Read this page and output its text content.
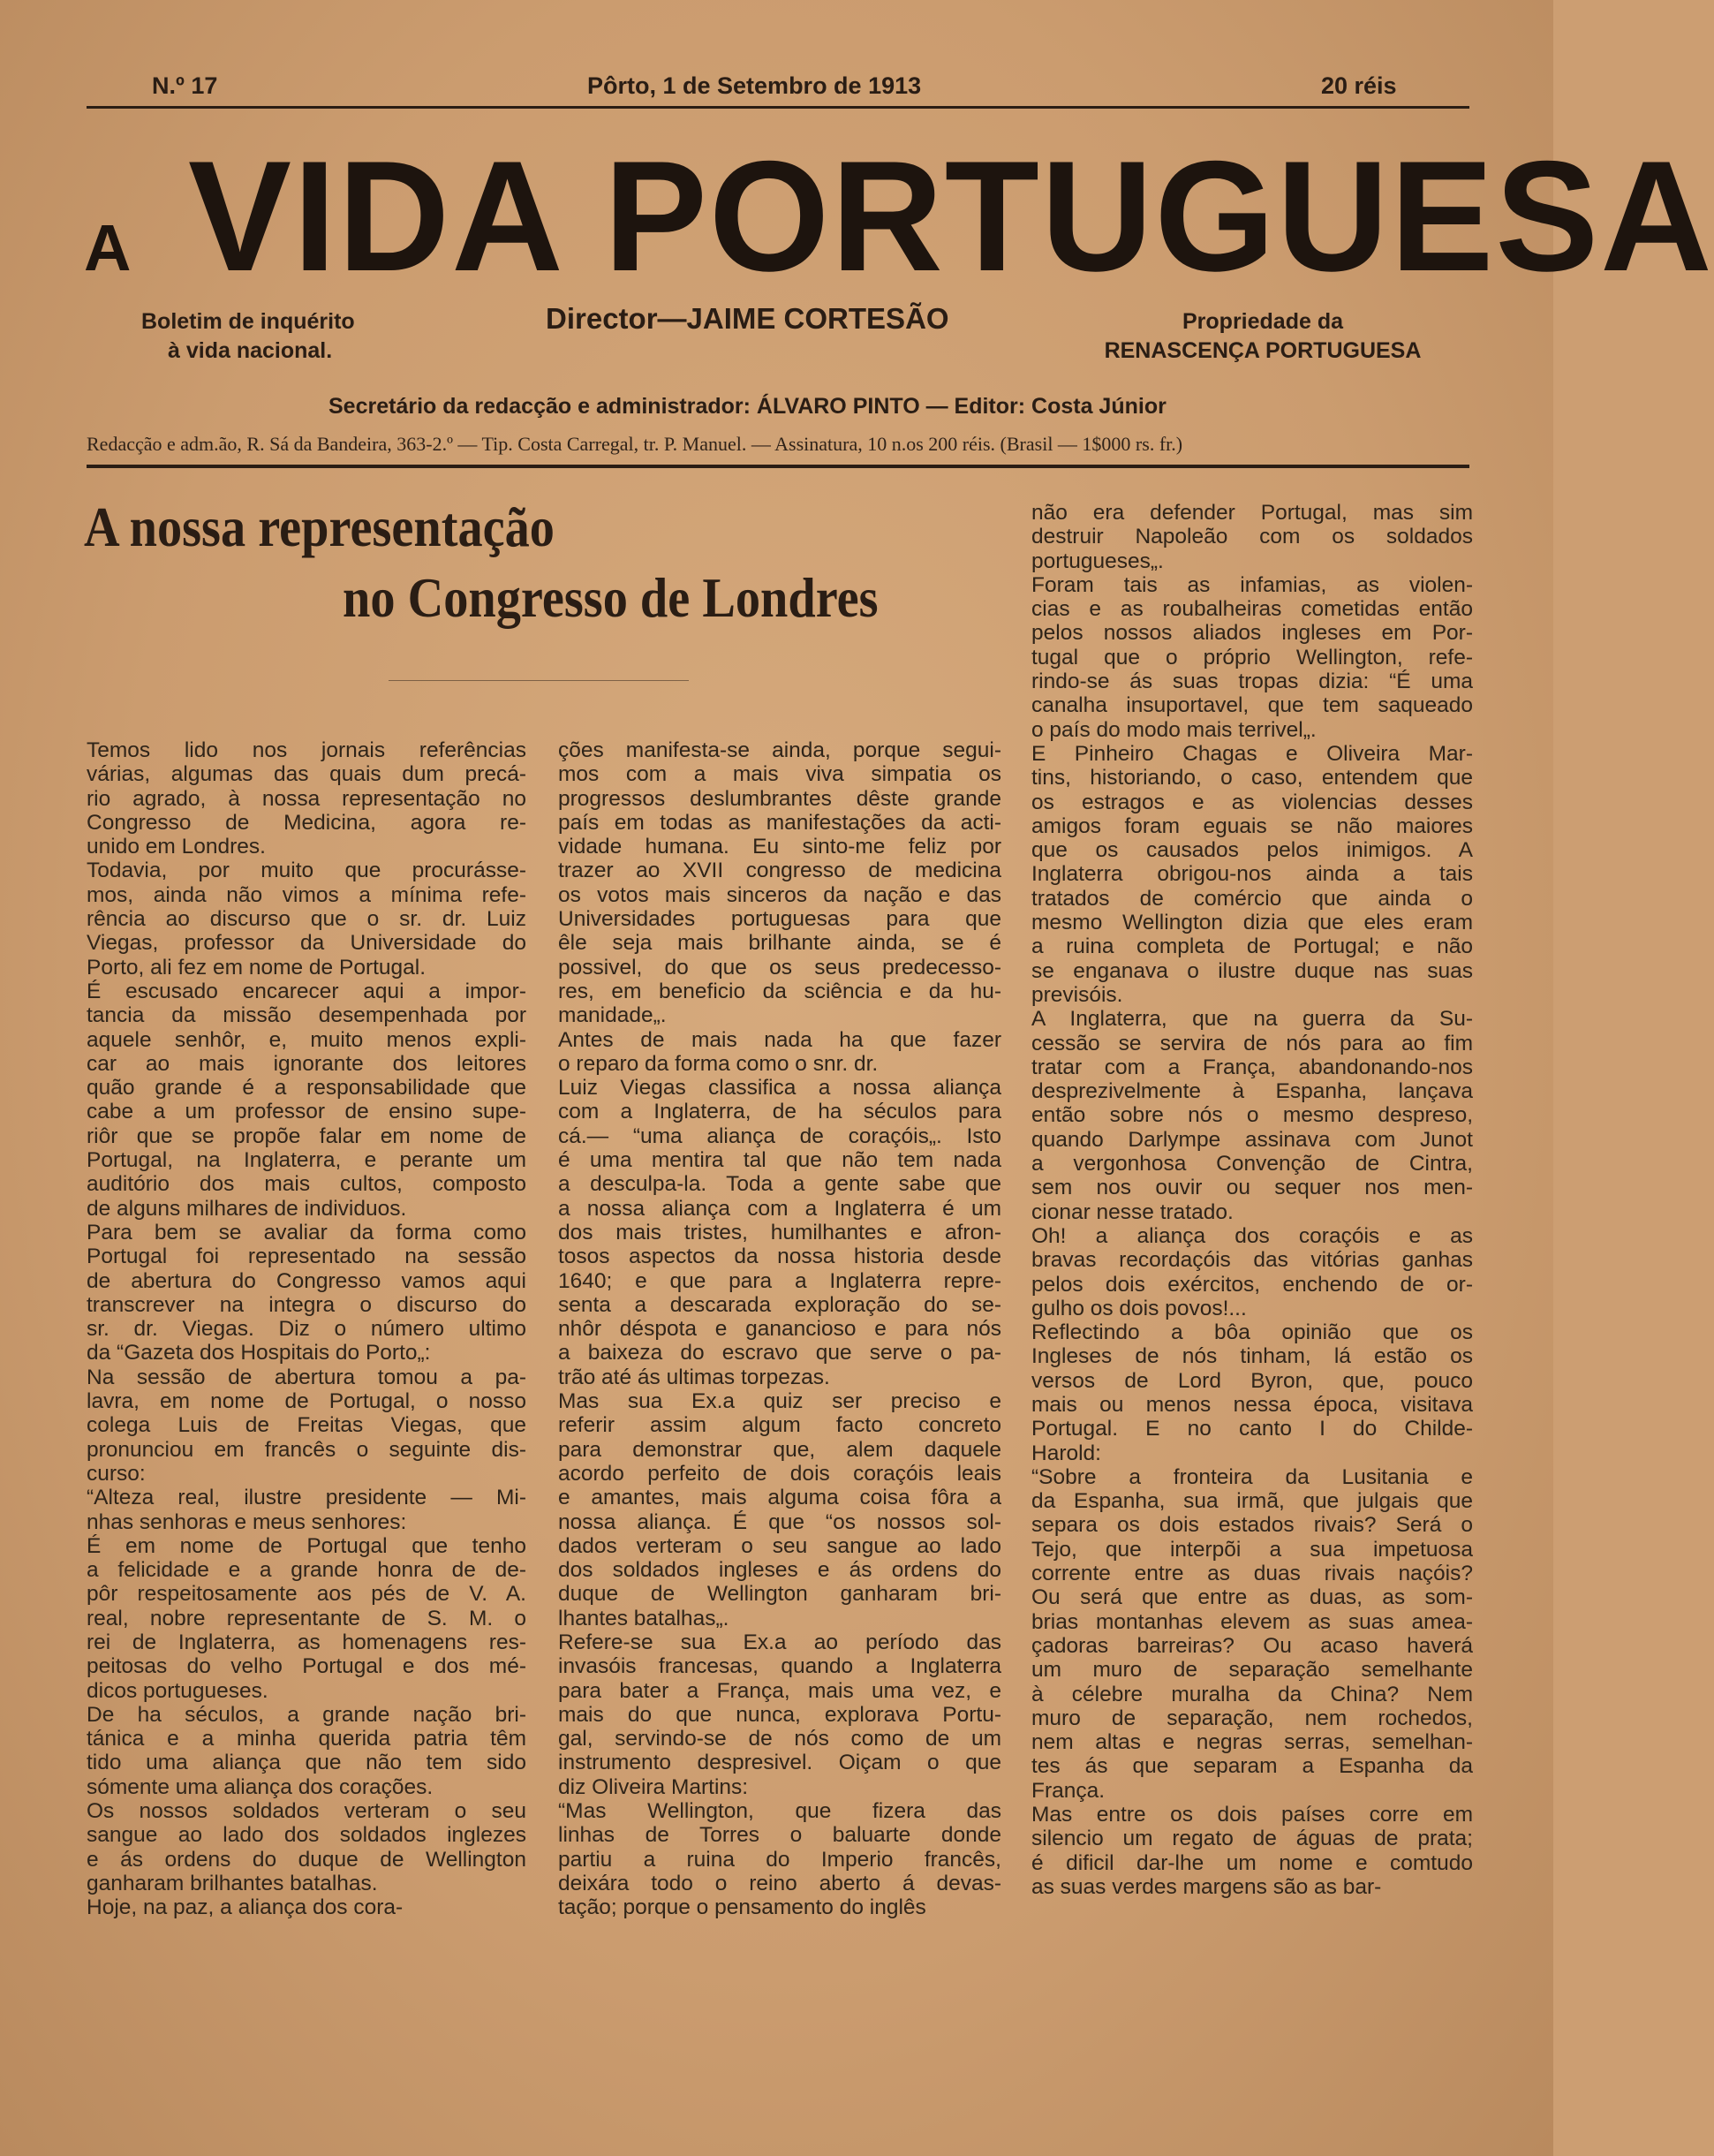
N.º 17	Pôrto, 1 de Setembro de 1913	20 réis
A VIDA PORTUGUESA
Boletim de inquérito
à vida nacional.
Director—JAIME CORTESÃO	Propriedade da
RENASCENÇA PORTUGUESA
Secretário da redacção e administrador: ÁLVARO PINTO — Editor: Costa Júnior
Redacção e adm.ão, R. Sá da Bandeira, 363-2.º — Tip. Costa Carregal, tr. P. Manuel. — Assinatura, 10 n.os 200 réis. (Brasil — 1$000 rs. fr.)
A nossa representação
no Congresso de Londres

Temos lido nos jornais referências

várias, algumas das quais dum precá-

rio agrado, à nossa representação no

Congresso de Medicina, agora re-

unido em Londres.

Todavia, por muito que procurásse-

mos, ainda não vimos a mínima refe-

rência ao discurso que o sr. dr. Luiz

Viegas, professor da Universidade do

Porto, ali fez em nome de Portugal.

É escusado encarecer aqui a impor-

tancia da missão desempenhada por

aquele senhôr, e, muito menos expli-

car ao mais ignorante dos leitores

quão grande é a responsabilidade que

cabe a um professor de ensino supe-

riôr que se propõe falar em nome de

Portugal, na Inglaterra, e perante um

auditório dos mais cultos, composto

de alguns milhares de individuos.

Para bem se avaliar da forma como

Portugal foi representado na sessão

de abertura do Congresso vamos aqui

transcrever na integra o discurso do

sr. dr. Viegas. Diz o número ultimo

da “Gazeta dos Hospitais do Porto„:

Na sessão de abertura tomou a pa-

lavra, em nome de Portugal, o nosso

colega Luis de Freitas Viegas, que

pronunciou em francês o seguinte dis-

curso:

“Alteza real, ilustre presidente — Mi-

nhas senhoras e meus senhores:

É em nome de Portugal que tenho

a felicidade e a grande honra de de-

pôr respeitosamente aos pés de V. A.

real, nobre representante de S. M. o

rei de Inglaterra, as homenagens res-

peitosas do velho Portugal e dos mé-

dicos portugueses.

De ha séculos, a grande nação bri-

tánica e a minha querida patria têm

tido uma aliança que não tem sido

sómente uma aliança dos corações.

Os nossos soldados verteram o seu

sangue ao lado dos soldados inglezes

e ás ordens do duque de Wellington

ganharam brilhantes batalhas.

Hoje, na paz, a aliança dos cora-

ções manifesta-se ainda, porque segui-

mos com a mais viva simpatia os

progressos deslumbrantes dêste grande

país em todas as manifestações da acti-

vidade humana. Eu sinto-me feliz por

trazer ao XVII congresso de medicina

os votos mais sinceros da nação e das

Universidades portuguesas para que

êle seja mais brilhante ainda, se é

possivel, do que os seus predecesso-

res, em beneficio da sciência e da hu-

manidade„.

Antes de mais nada ha que fazer

o reparo da forma como o snr. dr.

Luiz Viegas classifica a nossa aliança

com a Inglaterra, de ha séculos para

cá.— “uma aliança de coraçóis„. Isto

é uma mentira tal que não tem nada

a desculpa-la. Toda a gente sabe que

a nossa aliança com a Inglaterra é um

dos mais tristes, humilhantes e afron-

tosos aspectos da nossa historia desde

1640; e que para a Inglaterra repre-

senta a descarada exploração do se-

nhôr déspota e ganancioso e para nós

a baixeza do escravo que serve o pa-

trão até ás ultimas torpezas.

Mas sua Ex.a quiz ser preciso e

referir assim algum facto concreto

para demonstrar que, alem daquele

acordo perfeito de dois coraçóis leais

e amantes, mais alguma coisa fôra a

nossa aliança. É que “os nossos sol-

dados verteram o seu sangue ao lado

dos soldados ingleses e ás ordens do

duque de Wellington ganharam bri-

lhantes batalhas„.

Refere-se sua Ex.a ao período das

invasóis francesas, quando a Inglaterra

para bater a França, mais uma vez, e

mais do que nunca, explorava Portu-

gal, servindo-se de nós como de um

instrumento despresivel. Oiçam o que

diz Oliveira Martins:

“Mas Wellington, que fizera das

linhas de Torres o baluarte donde

partiu a ruina do Imperio francês,

deixára todo o reino aberto á devas-

tação; porque o pensamento do inglês

não era defender Portugal, mas sim

destruir Napoleão com os soldados

portugueses„.

Foram tais as infamias, as violen-

cias e as roubalheiras cometidas então

pelos nossos aliados ingleses em Por-

tugal que o próprio Wellington, refe-

rindo-se ás suas tropas dizia: “É uma

canalha insuportavel, que tem saqueado

o país do modo mais terrivel„.

E Pinheiro Chagas e Oliveira Mar-

tins, historiando, o caso, entendem que

os estragos e as violencias desses

amigos foram eguais se não maiores

que os causados pelos inimigos. A

Inglaterra obrigou-nos ainda a tais

tratados de comércio que ainda o

mesmo Wellington dizia que eles eram

a ruina completa de Portugal; e não

se enganava o ilustre duque nas suas

previsóis.

A Inglaterra, que na guerra da Su-

cessão se servira de nós para ao fim

tratar com a França, abandonando-nos

desprezivelmente à Espanha, lançava

então sobre nós o mesmo despreso,

quando Darlympe assinava com Junot

a vergonhosa Convenção de Cintra,

sem nos ouvir ou sequer nos men-

cionar nesse tratado.

Oh! a aliança dos coraçóis e as

bravas recordaçóis das vitórias ganhas

pelos dois exércitos, enchendo de or-

gulho os dois povos!...

Reflectindo a bôa opinião que os

Ingleses de nós tinham, lá estão os

versos de Lord Byron, que, pouco

mais ou menos nessa época, visitava

Portugal. E no canto I do Childe-

Harold:

“Sobre a fronteira da Lusitania e

da Espanha, sua irmã, que julgais que

separa os dois estados rivais? Será o

Tejo, que interpõi a sua impetuosa

corrente entre as duas rivais naçóis?

Ou será que entre as duas, as som-

brias montanhas elevem as suas amea-

çadoras barreiras? Ou acaso haverá

um muro de separação semelhante

à célebre muralha da China? Nem

muro de separação, nem rochedos,

nem altas e negras serras, semelhan-

tes ás que separam a Espanha da

França.

Mas entre os dois países corre em

silencio um regato de águas de prata;

é dificil dar-lhe um nome e comtudo

as suas verdes margens são as bar-
